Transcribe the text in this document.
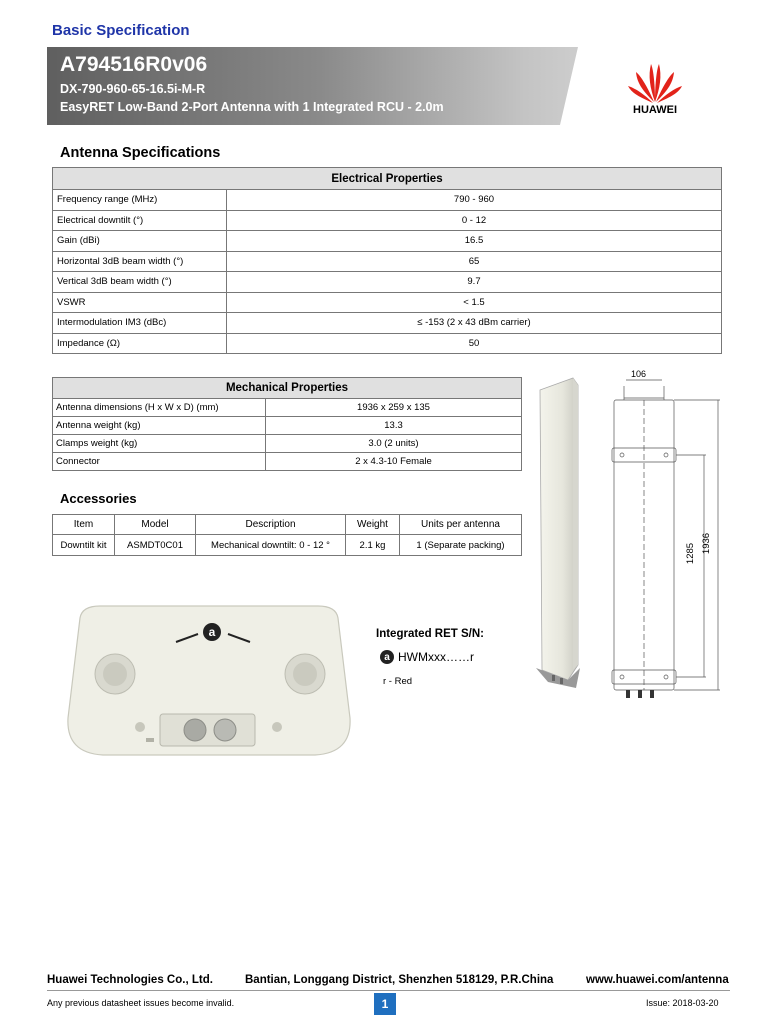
Basic Specification
A794516R0v06
DX-790-960-65-16.5i-M-R
EasyRET Low-Band 2-Port Antenna with 1 Integrated RCU - 2.0m	HUAWEI
Antenna Specifications
Electrical Properties	
Frequency range (MHz)	790 - 960
Electrical downtilt (°)	0 - 12
Gain (dBi)	16.5
Horizontal 3dB beam width (°)	65
Vertical 3dB beam width (°)	9.7
VSWR	< 1.5
Intermodulation IM3 (dBc)	≤ -153 (2 x 43 dBm carrier)
Impedance (Ω)	50
Mechanical Properties	
Antenna dimensions (H x W x D) (mm)	1936 x 259 x 135
Antenna weight (kg)	13.3
Clamps weight (kg)	3.0 (2 units)
Connector	2 x 4.3-10 Female
Accessories
Item	Model	Description	Weight	Units per antenna
Downtilt kit	ASMDT0C01	Mechanical downtilt: 0 - 12 °	2.1 kg	1 (Separate packing)
106
1285 1936
a	Integrated RET S/N:
a HWMxxx……r
r - Red
Huawei Technologies Co., Ltd.	Bantian, Longgang District, Shenzhen 518129, P.R.China	www.huawei.com/antenna
Any previous datasheet issues become invalid.	1	Issue: 2018-03-20
